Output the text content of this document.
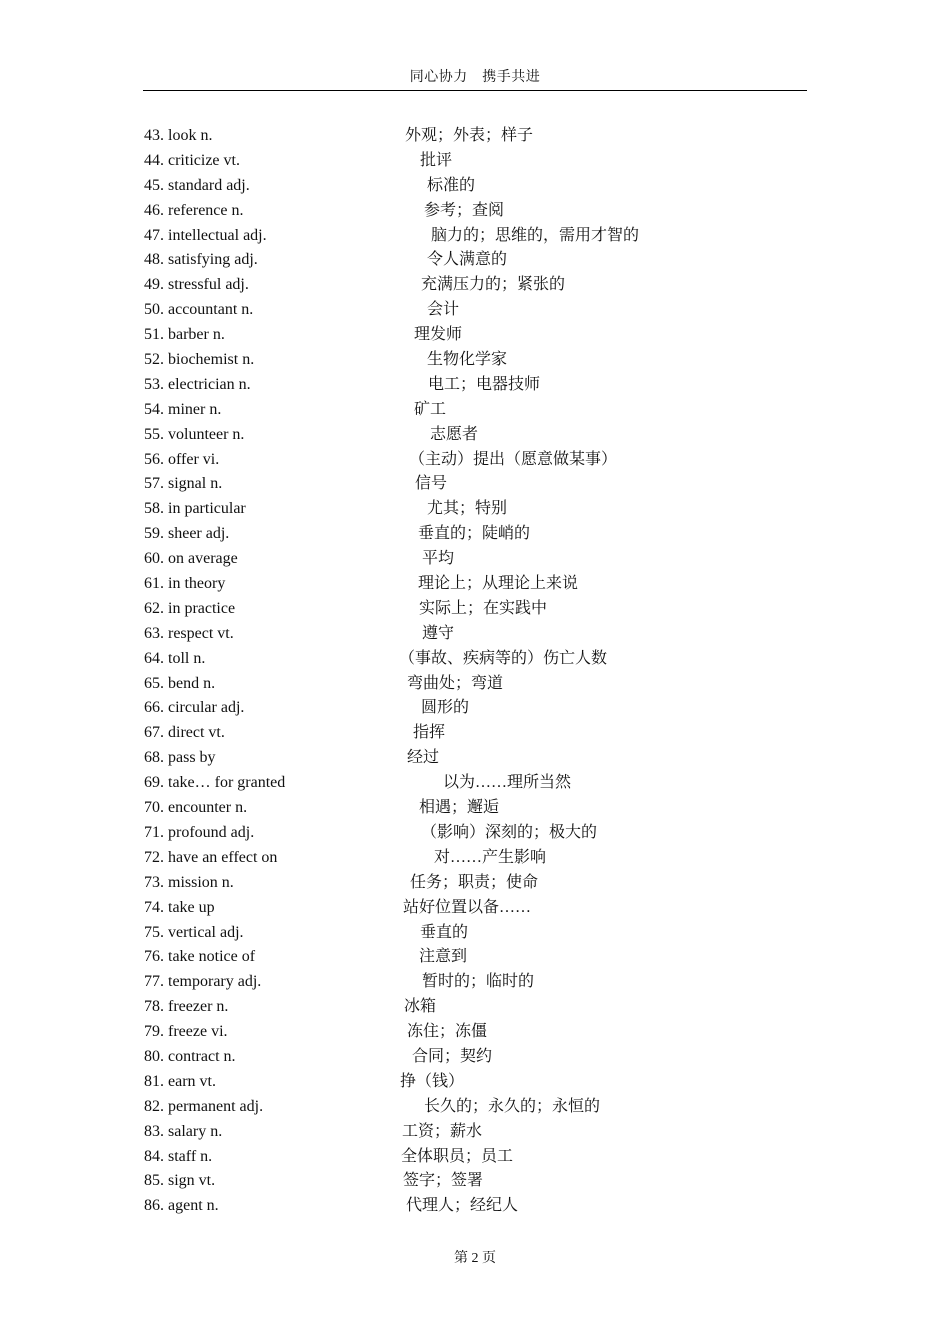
同心协力　携手共进
43. look n.	外观；外表；样子
44. criticize vt.	批评
45. standard adj.	标准的
46. reference n.	参考；查阅
47. intellectual adj.	脑力的；思维的，需用才智的
48. satisfying adj.	令人满意的
49. stressful adj.	充满压力的；紧张的
50. accountant n.	会计
51. barber n.	理发师
52. biochemist n.	生物化学家
53. electrician n.	电工；电器技师
54. miner n.	矿工
55. volunteer n.	志愿者
56. offer vi.	（主动）提出（愿意做某事）
57. signal n.	信号
58. in particular	尤其；特别
59. sheer adj.	垂直的；陡峭的
60. on average	平均
61. in theory	理论上；从理论上来说
62. in practice	实际上；在实践中
63. respect vt.	遵守
64. toll n.	（事故、疾病等的）伤亡人数
65. bend n.	弯曲处；弯道
66. circular adj.	圆形的
67. direct vt.	指挥
68. pass by	经过
69. take… for granted	以为……理所当然
70. encounter n.	相遇；邂逅
71. profound adj.	（影响）深刻的；极大的
72. have an effect on	对……产生影响
73. mission n.	任务；职责；使命
74. take up	站好位置以备……
75. vertical adj.	垂直的
76. take notice of	注意到
77. temporary adj.	暂时的；临时的
78. freezer n.	冰箱
79. freeze vi.	冻住；冻僵
80. contract n.	合同；契约
81. earn vt.	挣（钱）
82. permanent adj.	长久的；永久的；永恒的
83. salary n.	工资；薪水
84. staff n.	全体职员；员工
85. sign vt.	签字；签署
86. agent n.	代理人；经纪人
第 2 页
